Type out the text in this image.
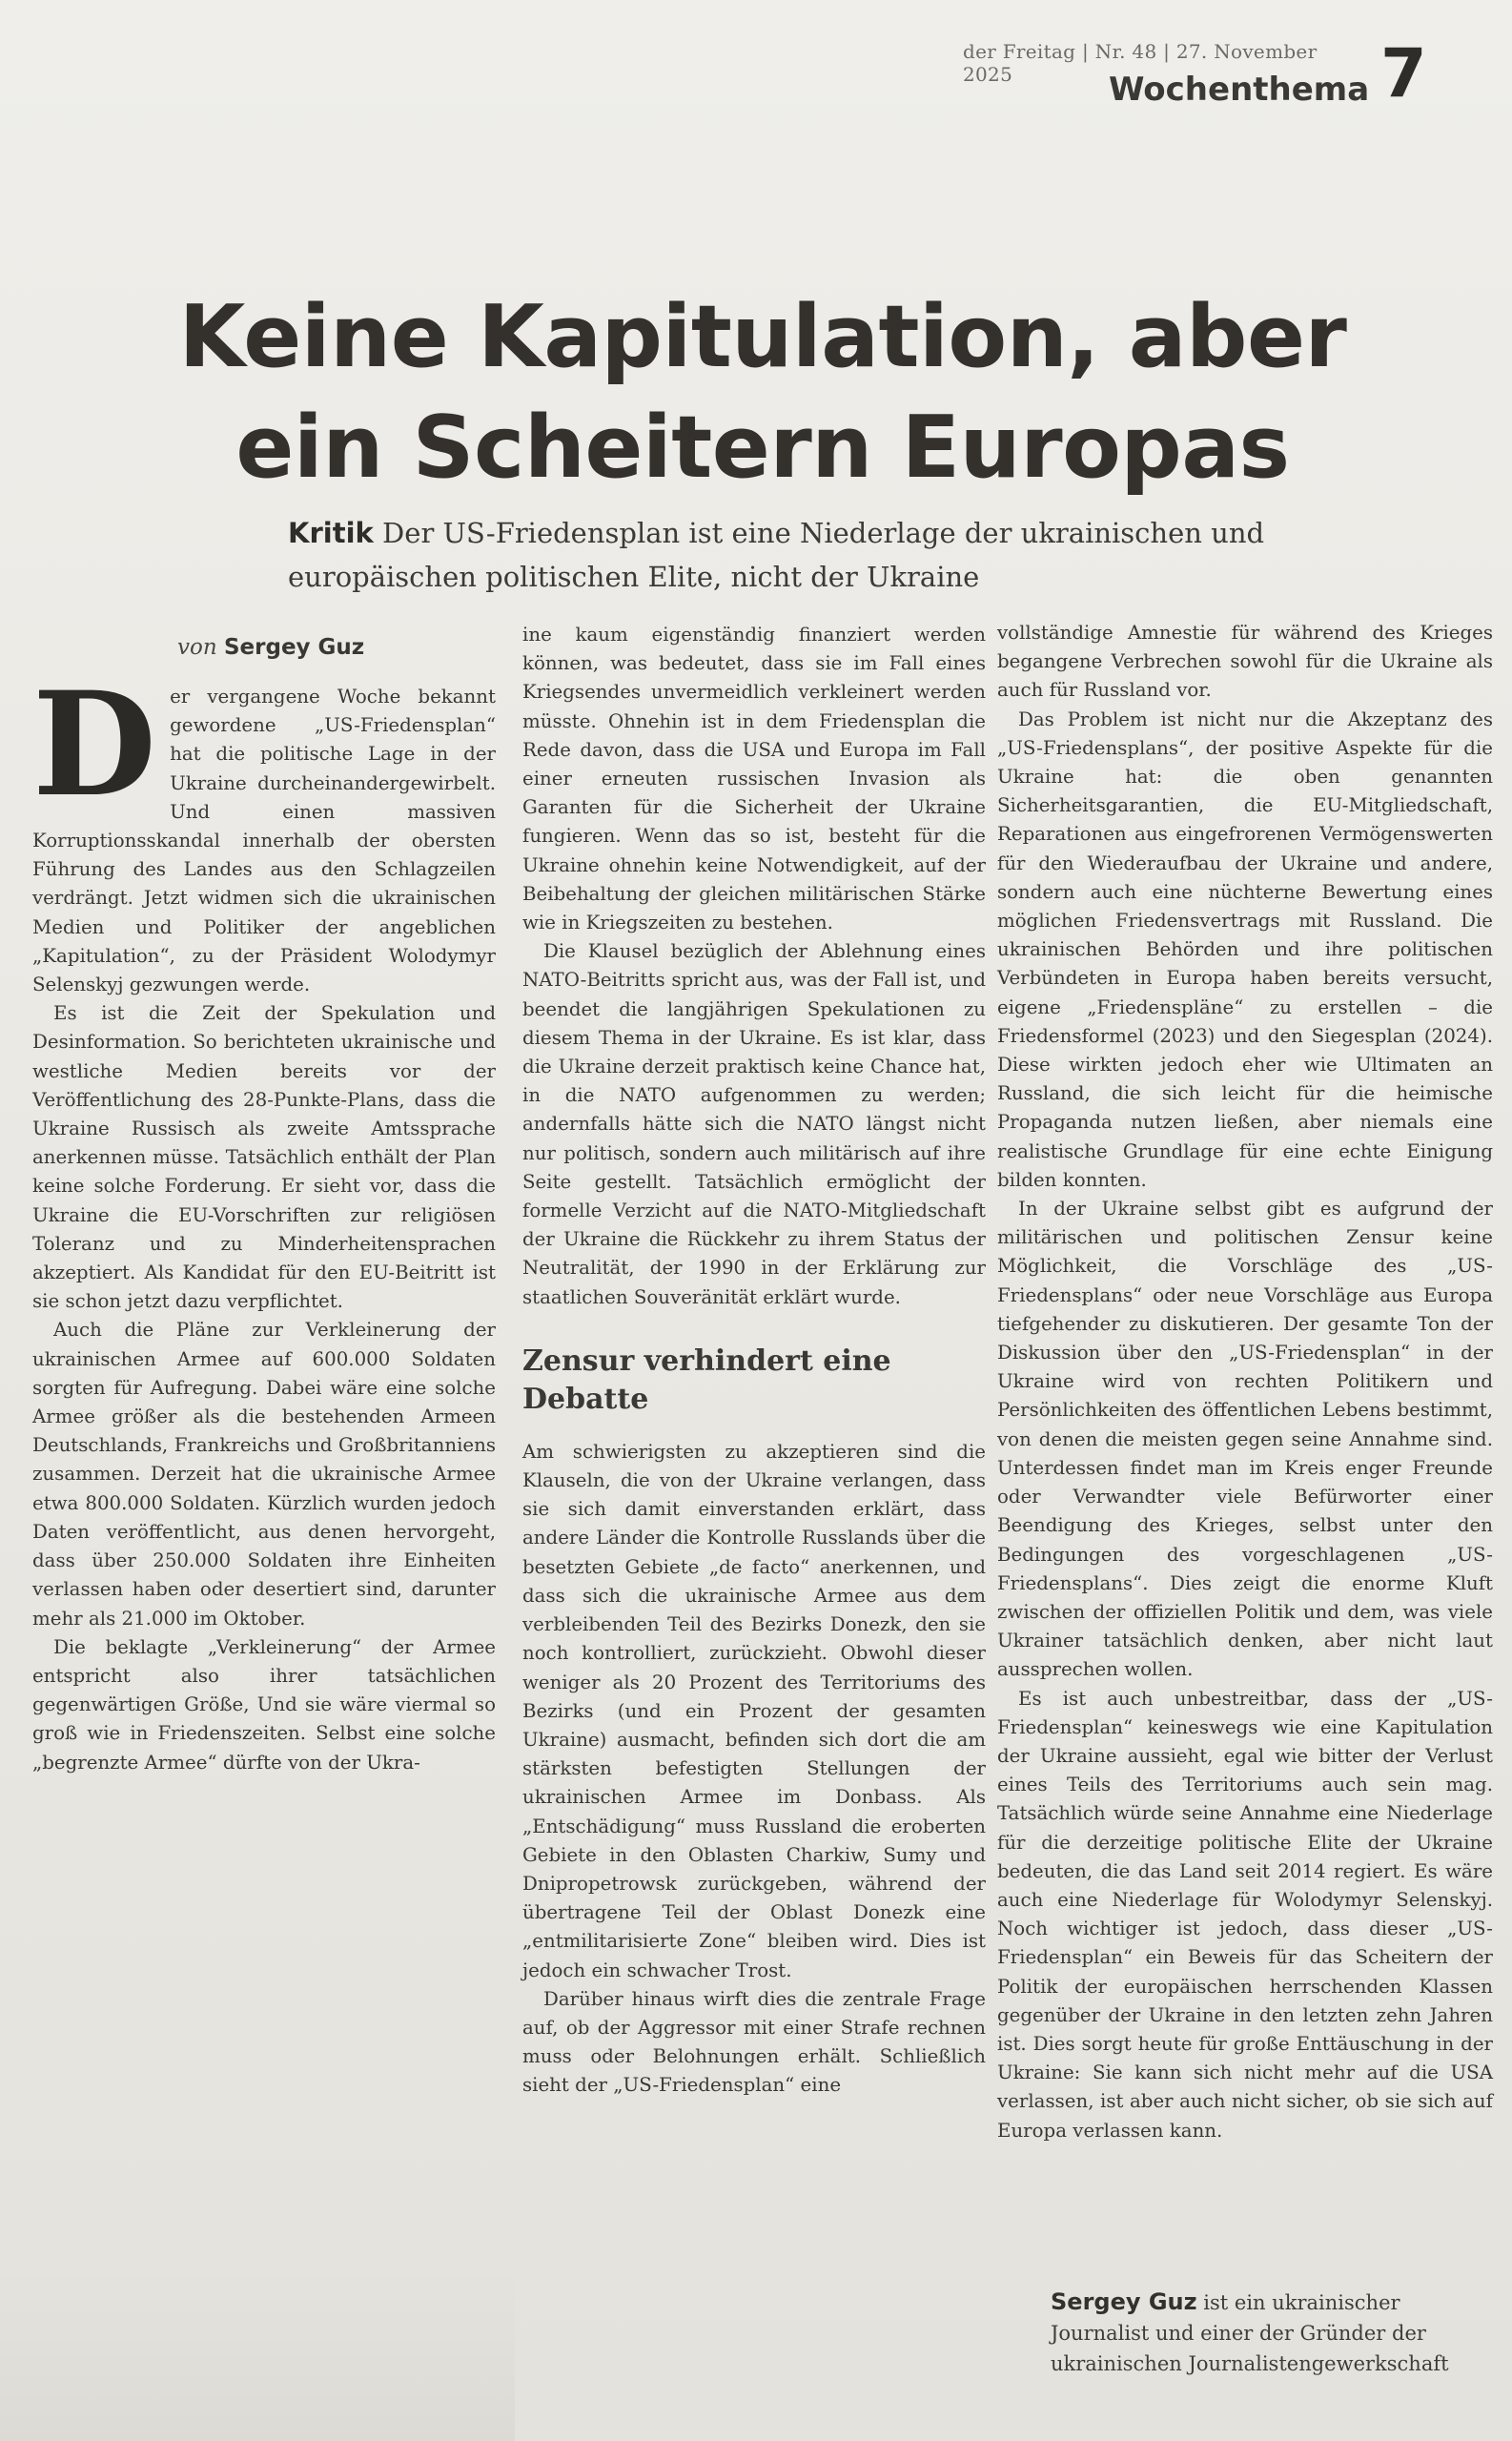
der Freitag | Nr. 48 | 27. November 2025	Wochenthema 7
Keine Kapitulation, aber
ein Scheitern Europas
Kritik Der US-Friedensplan ist eine Niederlage der ukrainischen und europäischen politischen Elite, nicht der Ukraine
von Sergey Guz

Der vergangene Woche bekannt gewordene „US-Friedensplan“ hat die politische Lage in der Ukraine durcheinandergewirbelt. Und einen massiven Korruptionsskandal innerhalb der obersten Führung des Landes aus den Schlagzeilen verdrängt. Jetzt widmen sich die ukrainischen Medien und Politiker der angeblichen „Kapitulation“, zu der Präsident Wolodymyr Selenskyj gezwungen werde.

Es ist die Zeit der Spekulation und Desinformation. So berichteten ukrainische und westliche Medien bereits vor der Veröffentlichung des 28-Punkte-Plans, dass die Ukraine Russisch als zweite Amtssprache anerkennen müsse. Tatsächlich enthält der Plan keine solche Forderung. Er sieht vor, dass die Ukraine die EU-Vorschriften zur religiösen Toleranz und zu Minderheitensprachen akzeptiert. Als Kandidat für den EU-Beitritt ist sie schon jetzt dazu verpflichtet.

Auch die Pläne zur Verkleinerung der ukrainischen Armee auf 600.000 Soldaten sorgten für Aufregung. Dabei wäre eine solche Armee größer als die bestehenden Armeen Deutschlands, Frankreichs und Großbritanniens zusammen. Derzeit hat die ukrainische Armee etwa 800.000 Soldaten. Kürzlich wurden jedoch Daten veröffentlicht, aus denen hervorgeht, dass über 250.000 Soldaten ihre Einheiten verlassen haben oder desertiert sind, darunter mehr als 21.000 im Oktober.

Die beklagte „Verkleinerung“ der Armee entspricht also ihrer tatsächlichen gegenwärtigen Größe, Und sie wäre viermal so groß wie in Friedenszeiten. Selbst eine solche „begrenzte Armee“ dürfte von der Ukra-

ine kaum eigenständig finanziert werden können, was bedeutet, dass sie im Fall eines Kriegsendes unvermeidlich verkleinert werden müsste. Ohnehin ist in dem Friedensplan die Rede davon, dass die USA und Europa im Fall einer erneuten russischen Invasion als Garanten für die Sicherheit der Ukraine fungieren. Wenn das so ist, besteht für die Ukraine ohnehin keine Notwendigkeit, auf der Beibehaltung der gleichen militärischen Stärke wie in Kriegszeiten zu bestehen.

Die Klausel bezüglich der Ablehnung eines NATO-Beitritts spricht aus, was der Fall ist, und beendet die langjährigen Spekulationen zu diesem Thema in der Ukraine. Es ist klar, dass die Ukraine derzeit praktisch keine Chance hat, in die NATO aufgenommen zu werden; andernfalls hätte sich die NATO längst nicht nur politisch, sondern auch militärisch auf ihre Seite gestellt. Tatsächlich ermöglicht der formelle Verzicht auf die NATO-Mitgliedschaft der Ukraine die Rückkehr zu ihrem Status der Neutralität, der 1990 in der Erklärung zur staatlichen Souveränität erklärt wurde.

Zensur verhindert eine Debatte

Am schwierigsten zu akzeptieren sind die Klauseln, die von der Ukraine verlangen, dass sie sich damit einverstanden erklärt, dass andere Länder die Kontrolle Russlands über die besetzten Gebiete „de facto“ anerkennen, und dass sich die ukrainische Armee aus dem verbleibenden Teil des Bezirks Donezk, den sie noch kontrolliert, zurückzieht. Obwohl dieser weniger als 20 Prozent des Territoriums des Bezirks (und ein Prozent der gesamten Ukraine) ausmacht, befinden sich dort die am stärksten befestigten Stellungen der ukrainischen Armee im Donbass. Als „Entschädigung“ muss Russland die eroberten Gebiete in den Oblasten Charkiw, Sumy und Dnipropetrowsk zurückgeben, während der übertragene Teil der Oblast Donezk eine „entmilitarisierte Zone“ bleiben wird. Dies ist jedoch ein schwacher Trost.

Darüber hinaus wirft dies die zentrale Frage auf, ob der Aggressor mit einer Strafe rechnen muss oder Belohnungen erhält. Schließlich sieht der „US-Friedensplan“ eine

vollständige Amnestie für während des Krieges begangene Verbrechen sowohl für die Ukraine als auch für Russland vor.

Das Problem ist nicht nur die Akzeptanz des „US-Friedensplans“, der positive Aspekte für die Ukraine hat: die oben genannten Sicherheitsgarantien, die EU-Mitgliedschaft, Reparationen aus eingefrorenen Vermögenswerten für den Wiederaufbau der Ukraine und andere, sondern auch eine nüchterne Bewertung eines möglichen Friedensvertrags mit Russland. Die ukrainischen Behörden und ihre politischen Verbündeten in Europa haben bereits versucht, eigene „Friedenspläne“ zu erstellen – die Friedensformel (2023) und den Siegesplan (2024). Diese wirkten jedoch eher wie Ultimaten an Russland, die sich leicht für die heimische Propaganda nutzen ließen, aber niemals eine realistische Grundlage für eine echte Einigung bilden konnten.

In der Ukraine selbst gibt es aufgrund der militärischen und politischen Zensur keine Möglichkeit, die Vorschläge des „US-Friedensplans“ oder neue Vorschläge aus Europa tiefgehender zu diskutieren. Der gesamte Ton der Diskussion über den „US-Friedensplan“ in der Ukraine wird von rechten Politikern und Persönlichkeiten des öffentlichen Lebens bestimmt, von denen die meisten gegen seine Annahme sind. Unterdessen findet man im Kreis enger Freunde oder Verwandter viele Befürworter einer Beendigung des Krieges, selbst unter den Bedingungen des vorgeschlagenen „US-Friedensplans“. Dies zeigt die enorme Kluft zwischen der offiziellen Politik und dem, was viele Ukrainer tatsächlich denken, aber nicht laut aussprechen wollen.

Es ist auch unbestreitbar, dass der „US-Friedensplan“ keineswegs wie eine Kapitulation der Ukraine aussieht, egal wie bitter der Verlust eines Teils des Territoriums auch sein mag. Tatsächlich würde seine Annahme eine Niederlage für die derzeitige politische Elite der Ukraine bedeuten, die das Land seit 2014 regiert. Es wäre auch eine Niederlage für Wolodymyr Selenskyj. Noch wichtiger ist jedoch, dass dieser „US-Friedensplan“ ein Beweis für das Scheitern der Politik der europäischen herrschenden Klassen gegenüber der Ukraine in den letzten zehn Jahren ist. Dies sorgt heute für große Enttäuschung in der Ukraine: Sie kann sich nicht mehr auf die USA verlassen, ist aber auch nicht sicher, ob sie sich auf Europa verlassen kann.

Sergey Guz ist ein ukrainischer Journalist und einer der Gründer der ukrainischen Journalistengewerkschaft
